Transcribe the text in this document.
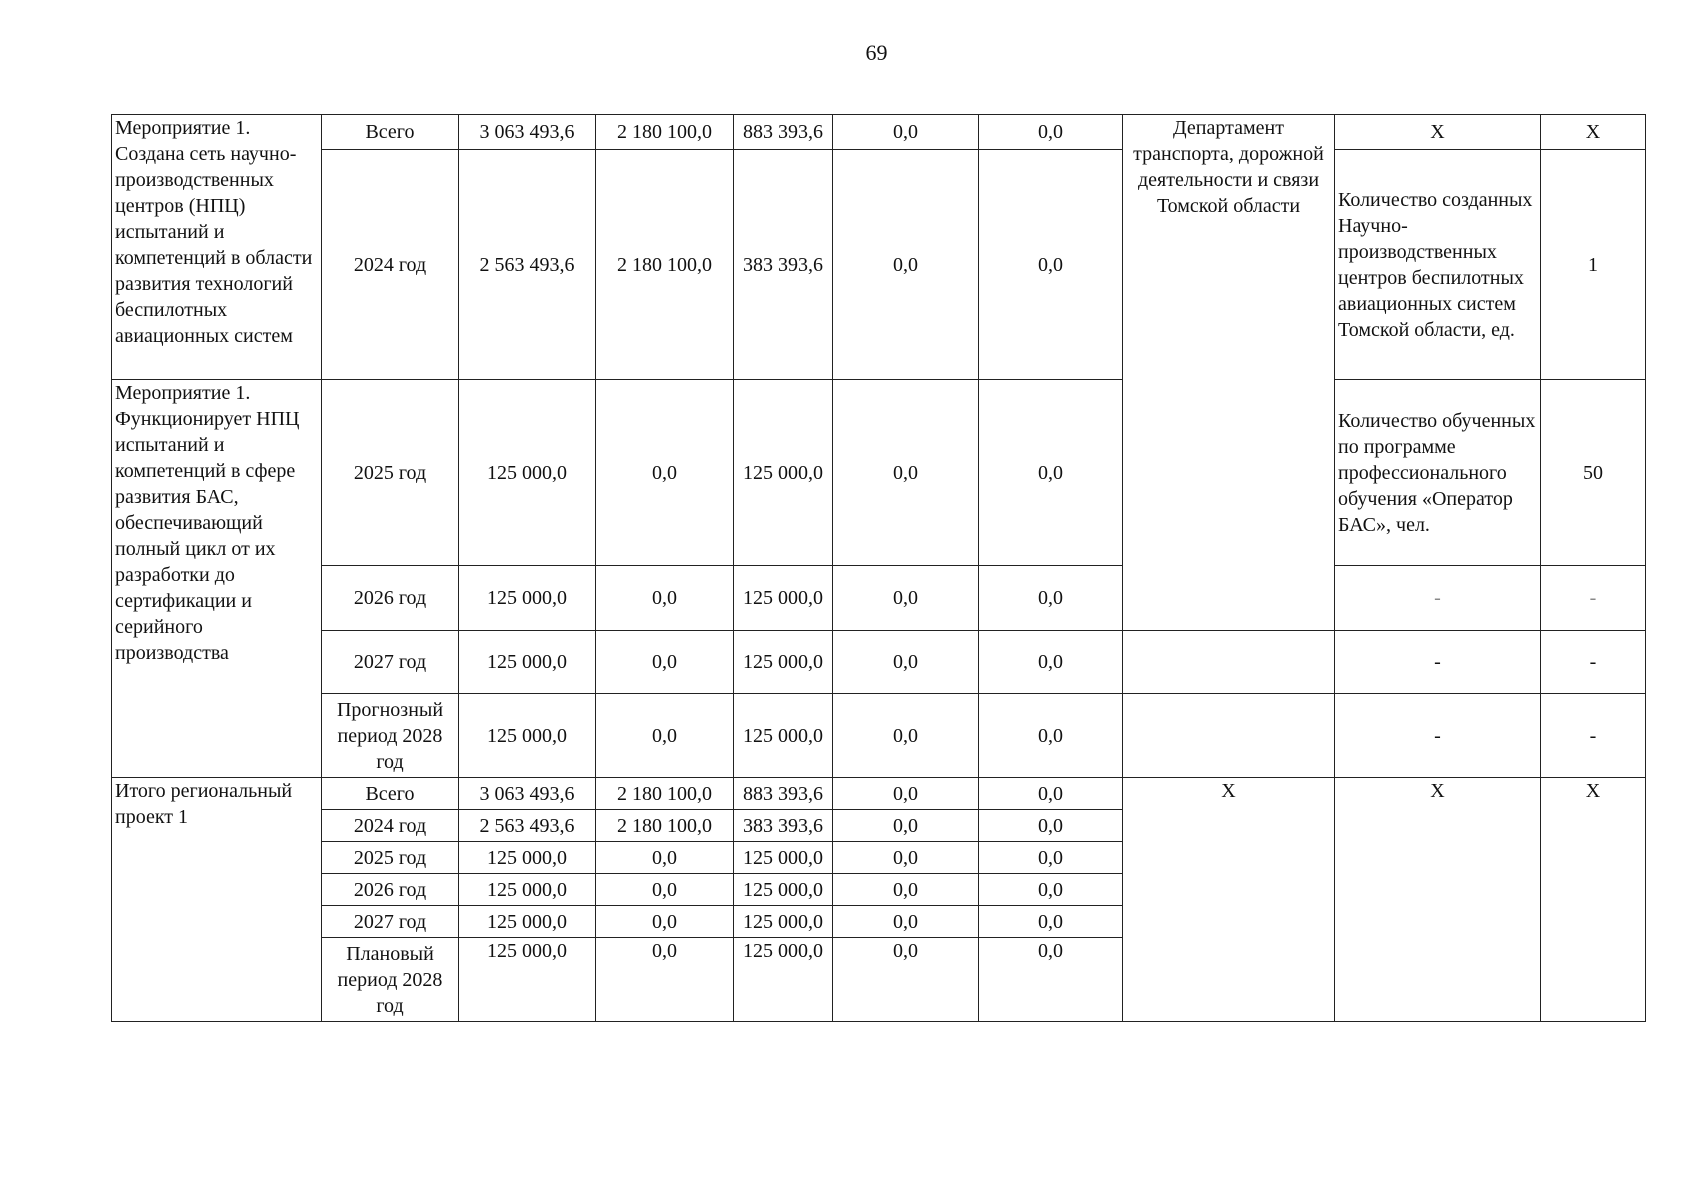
69
Мероприятие 1. Создана сеть научно-производственных центров (НПЦ) испытаний и компетенций в области развития технологий беспилотных авиационных систем	Всего	3 063 493,6	2 180 100,0	883 393,6	0,0	0,0	Департамент транспорта, дорожной деятельности и связи Томской области	X	X
	2024 год	2 563 493,6	2 180 100,0	383 393,6	0,0	0,0		Количество созданных Научно-производственных центров беспилотных авиационных систем Томской области, ед.	1
Мероприятие 1. Функционирует НПЦ испытаний и компетенций в сфере развития БАС, обеспечивающий полный цикл от их разработки до сертификации и серийного производства	2025 год	125 000,0	0,0	125 000,0	0,0	0,0		Количество обученных по программе профессионального обучения «Оператор БАС», чел.	50
	2026 год	125 000,0	0,0	125 000,0	0,0	0,0		-	-
	2027 год	125 000,0	0,0	125 000,0	0,0	0,0		-	-
	Прогнозный период 2028 год	125 000,0	0,0	125 000,0	0,0	0,0		-	-
Итого региональный проект 1	Всего	3 063 493,6	2 180 100,0	883 393,6	0,0	0,0	X	X	X
	2024 год	2 563 493,6	2 180 100,0	383 393,6	0,0	0,0			
	2025 год	125 000,0	0,0	125 000,0	0,0	0,0			
	2026 год	125 000,0	0,0	125 000,0	0,0	0,0			
	2027 год	125 000,0	0,0	125 000,0	0,0	0,0			
	Плановый период 2028 год	125 000,0	0,0	125 000,0	0,0	0,0			
